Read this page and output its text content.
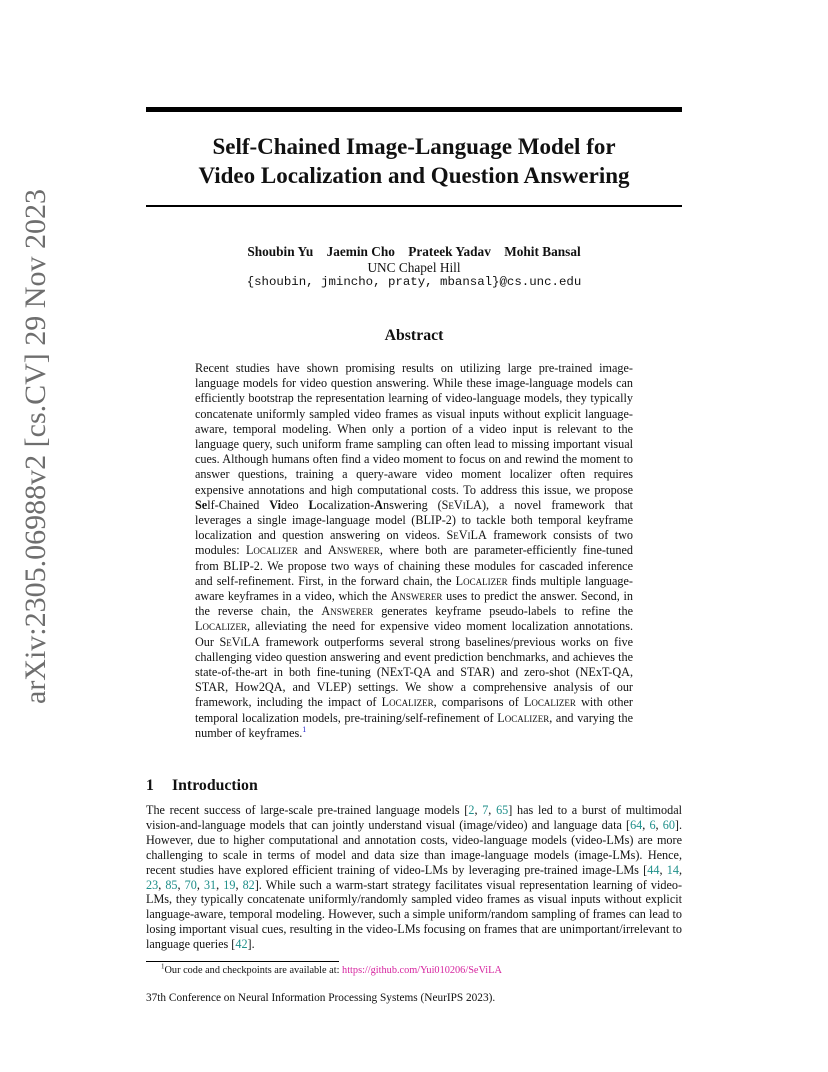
arXiv:2305.06988v2 [cs.CV] 29 Nov 2023
Self-Chained Image-Language Model for
Video Localization and Question Answering
Shoubin Yu Jaemin Cho Prateek Yadav Mohit Bansal
UNC Chapel Hill
{shoubin, jmincho, praty, mbansal}@cs.unc.edu
Abstract

Recent studies have shown promising results on utilizing large pre-trained image-language models for video question answering. While these image-language models can efficiently bootstrap the representation learning of video-language models, they typically concatenate uniformly sampled video frames as visual inputs without explicit language-aware, temporal modeling. When only a portion of a video input is relevant to the language query, such uniform frame sampling can often lead to missing important visual cues. Although humans often find a video moment to focus on and rewind the moment to answer questions, training a query-aware video moment localizer often requires expensive annotations and high computational costs. To address this issue, we propose Self-Chained Video Localization-Answering (SeViLA), a novel framework that leverages a single image-language model (BLIP-2) to tackle both temporal keyframe localization and question answering on videos. SeViLA framework consists of two modules: Localizer and Answerer, where both are parameter-efficiently fine-tuned from BLIP-2. We propose two ways of chaining these modules for cascaded inference and self-refinement. First, in the forward chain, the Localizer finds multiple language-aware keyframes in a video, which the Answerer uses to predict the answer. Second, in the reverse chain, the Answerer generates keyframe pseudo-labels to refine the Localizer, alleviating the need for expensive video moment localization annotations. Our SeViLA framework outperforms several strong baselines/previous works on five challenging video question answering and event prediction benchmarks, and achieves the state-of-the-art in both fine-tuning (NExT-QA and STAR) and zero-shot (NExT-QA, STAR, How2QA, and VLEP) settings. We show a comprehensive analysis of our framework, including the impact of Localizer, comparisons of Localizer with other temporal localization models, pre-training/self-refinement of Localizer, and varying the number of keyframes.$^1$

1 Introduction

The recent success of large-scale pre-trained language models [2, 7, 65] has led to a burst of multimodal vision-and-language models that can jointly understand visual (image/video) and language data [64, 6, 60]. However, due to higher computational and annotation costs, video-language models (video-LMs) are more challenging to scale in terms of model and data size than image-language models (image-LMs). Hence, recent studies have explored efficient training of video-LMs by leveraging pre-trained image-LMs [44, 14, 23, 85, 70, 31, 19, 82]. While such a warm-start strategy facilitates visual representation learning of video-LMs, they typically concatenate uniformly/randomly sampled video frames as visual inputs without explicit language-aware, temporal modeling. However, such a simple uniform/random sampling of frames can lead to losing important visual cues, resulting in the video-LMs focusing on frames that are unimportant/irrelevant to language queries [42].

$^1$Our code and checkpoints are available at: https://github.com/Yui010206/SeViLA

37th Conference on Neural Information Processing Systems (NeurIPS 2023).
